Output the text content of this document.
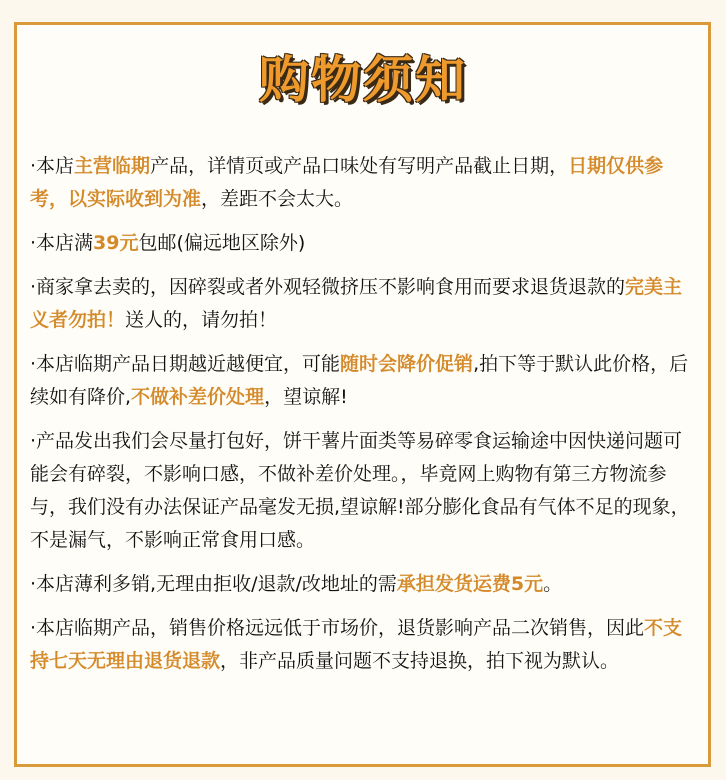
购物须知
·本店主营临期产品，详情页或产品口味处有写明产品截止日期，日期仅供参考，以实际收到为准，差距不会太大。
·本店满39元包邮(偏远地区除外)
·商家拿去卖的，因碎裂或者外观轻微挤压不影响食用而要求退货退款的完美主义者勿拍！送人的，请勿拍！
·本店临期产品日期越近越便宜，可能随时会降价促销,拍下等于默认此价格，后续如有降价,不做补差价处理，望谅解!
·产品发出我们会尽量打包好，饼干薯片面类等易碎零食运输途中因快递问题可能会有碎裂，不影响口感，不做补差价处理。，毕竟网上购物有第三方物流参与，我们没有办法保证产品毫发无损,望谅解!部分膨化食品有气体不足的现象，不是漏气，不影响正常食用口感。
·本店薄利多销,无理由拒收/退款/改地址的需承担发货运费5元。
·本店临期产品，销售价格远远低于市场价，退货影响产品二次销售，因此不支持七天无理由退货退款，非产品质量问题不支持退换，拍下视为默认。
